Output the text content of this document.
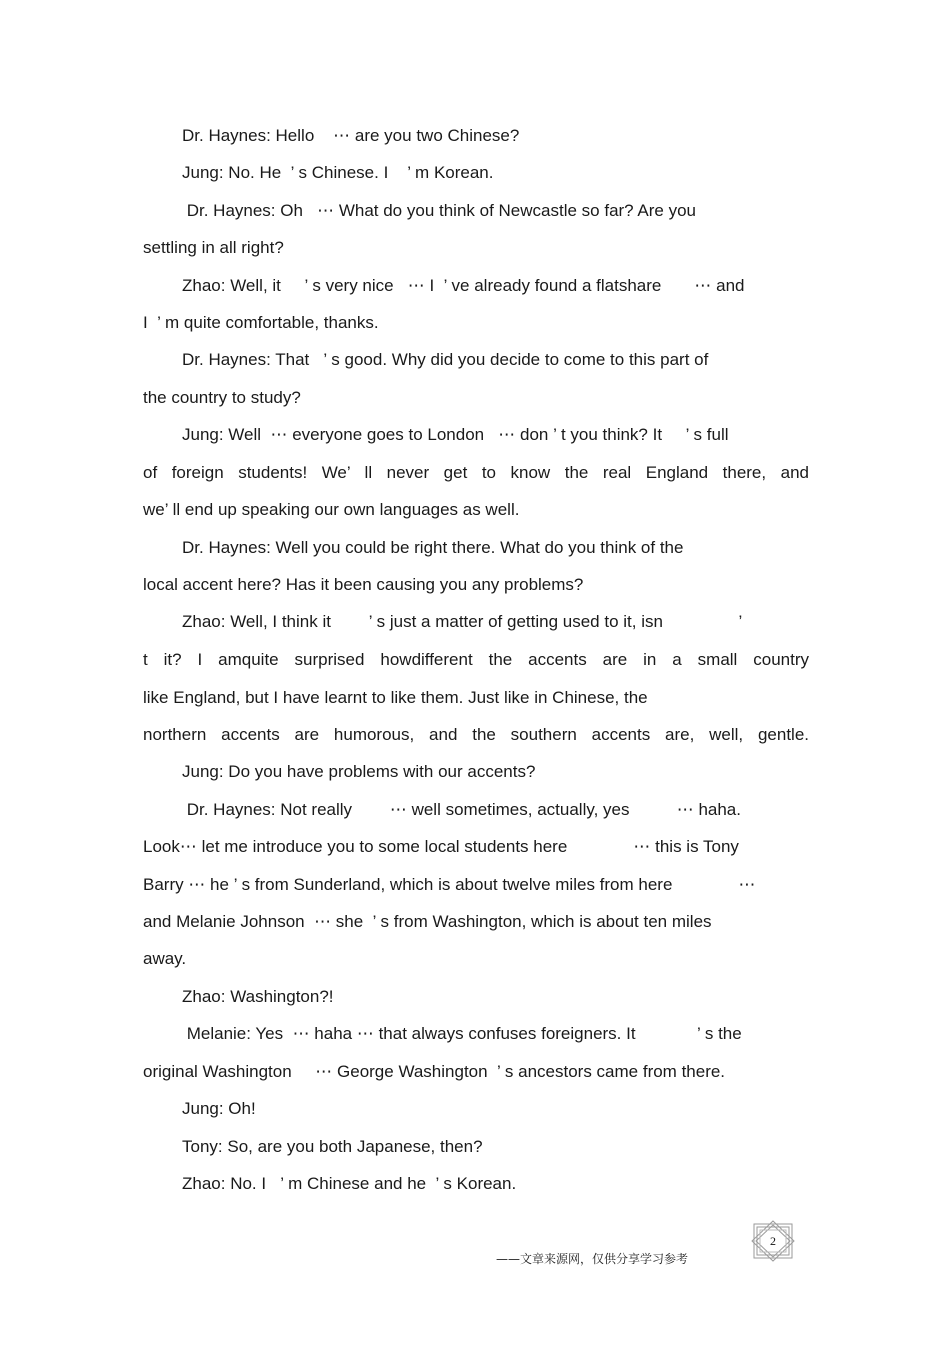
Dr. Haynes: Hello    ⋯ are you two Chinese?
Jung: No. He  ’ s Chinese. I    ’ m Korean.
Dr. Haynes: Oh   ⋯ What do you think of Newcastle so far? Are you
settling in all right?
Zhao: Well, it     ’ s very nice   ⋯ I  ’ ve already found a flatshare       ⋯ and
I  ’ m quite comfortable, thanks.
Dr. Haynes: That   ’ s good. Why did you decide to come to this part of
the country to study?
Jung: Well  ⋯ everyone goes to London   ⋯ don ’ t you think? It     ’ s full
of foreign students! We’ ll never get to know the real England there, and
we’ ll end up speaking our own languages as well.
Dr. Haynes: Well you could be right there. What do you think of the
local accent here? Has it been causing you any problems?
Zhao: Well, I think it        ’ s just a matter of getting used to it, isn                ’
t it? I amquite surprised howdifferent the accents are in a small country
like England, but I have learnt to like them. Just like in Chinese, the
northern accents are humorous, and the southern accents are, well, gentle.
Jung: Do you have problems with our accents?
Dr. Haynes: Not really        ⋯ well sometimes, actually, yes          ⋯ haha.
Look⋯ let me introduce you to some local students here              ⋯ this is Tony
Barry ⋯ he ’ s from Sunderland, which is about twelve miles from here              ⋯
and Melanie Johnson  ⋯ she  ’ s from Washington, which is about ten miles
away.
Zhao: Washington?!
Melanie: Yes  ⋯ haha ⋯ that always confuses foreigners. It             ’ s the
original Washington     ⋯ George Washington  ’ s ancestors came from there.
Jung: Oh!
Tony: So, are you both Japanese, then?
Zhao: No. I   ’ m Chinese and he  ’ s Korean.
——文章来源网，仅供分享学习参考
2
